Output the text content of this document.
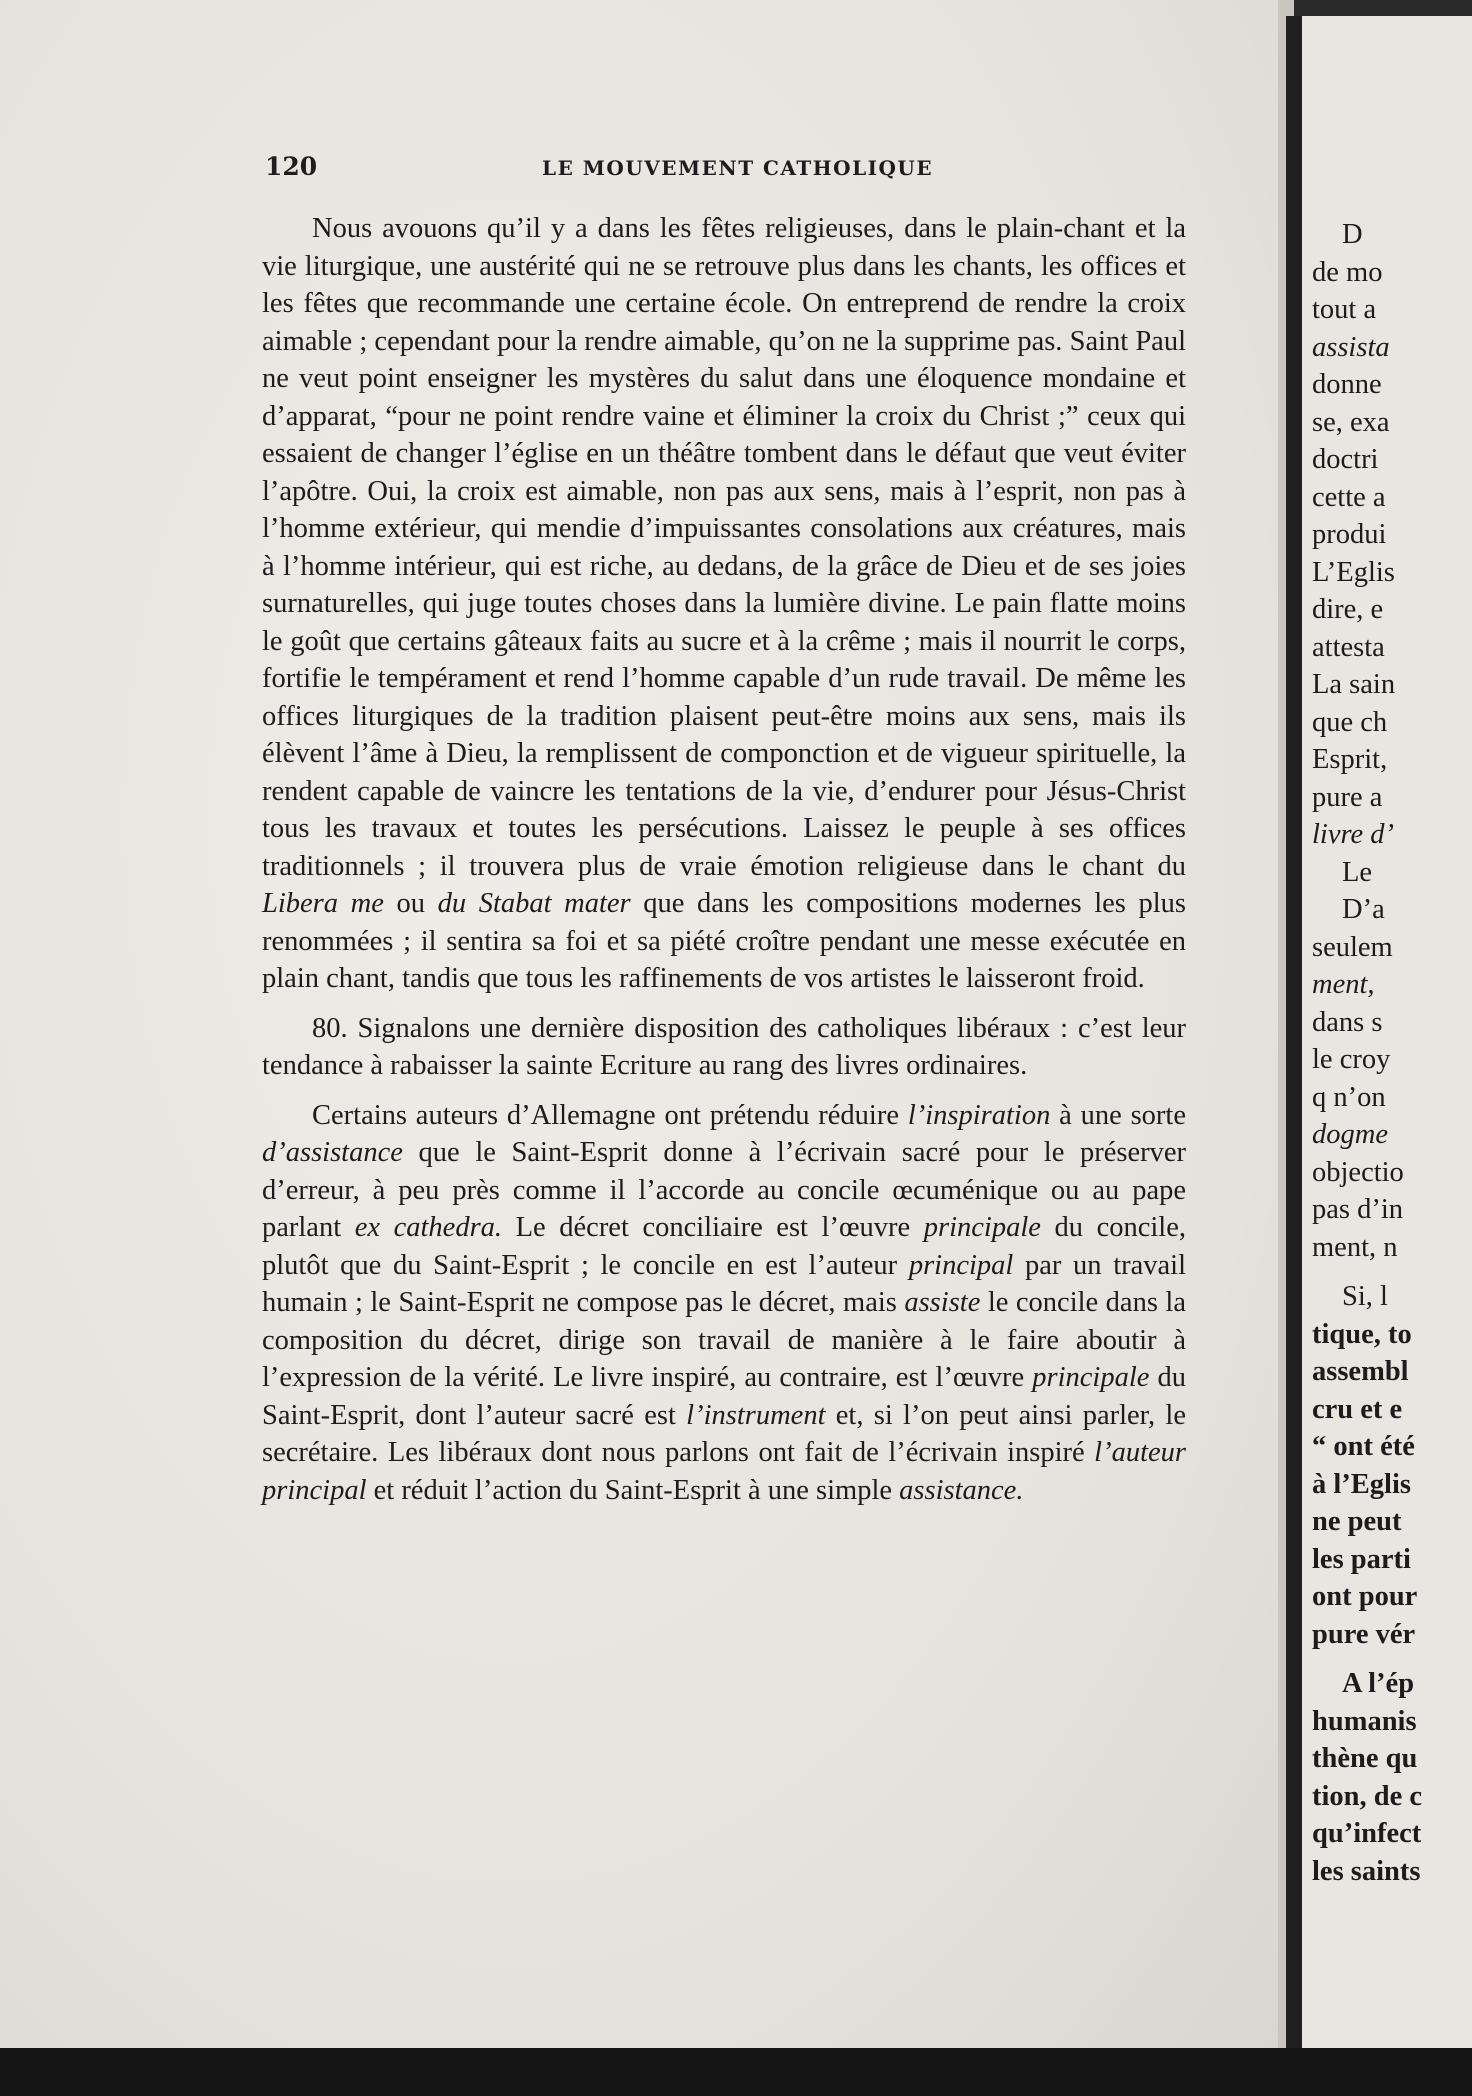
120	LE MOUVEMENT CATHOLIQUE

Nous avouons qu’il y a dans les fêtes religieuses, dans le plain-chant et la vie liturgique, une austérité qui ne se retrouve plus dans les chants, les offices et les fêtes que recommande une certaine école. On entreprend de rendre la croix aimable ; cependant pour la rendre aimable, qu’on ne la supprime pas. Saint Paul ne veut point enseigner les mystères du salut dans une éloquence mondaine et d’apparat, “pour ne point rendre vaine et éliminer la croix du Christ ;” ceux qui essaient de changer l’église en un théâtre tombent dans le défaut que veut éviter l’apôtre. Oui, la croix est aimable, non pas aux sens, mais à l’esprit, non pas à l’homme extérieur, qui mendie d’impuissantes consolations aux créatures, mais à l’homme intérieur, qui est riche, au dedans, de la grâce de Dieu et de ses joies surnaturelles, qui juge toutes choses dans la lumière divine. Le pain flatte moins le goût que certains gâteaux faits au sucre et à la crême ; mais il nourrit le corps, fortifie le tempérament et rend l’homme capable d’un rude travail. De même les offices liturgiques de la tradition plaisent peut-être moins aux sens, mais ils élèvent l’âme à Dieu, la remplissent de componction et de vigueur spirituelle, la rendent capable de vaincre les tentations de la vie, d’endurer pour Jésus-Christ tous les travaux et toutes les persécutions. Laissez le peuple à ses offices traditionnels ; il trouvera plus de vraie émotion religieuse dans le chant du Libera me ou du Stabat mater que dans les compositions modernes les plus renommées ; il sentira sa foi et sa piété croître pendant une messe exécutée en plain chant, tandis que tous les raffinements de vos artistes le laisseront froid.

80. Signalons une dernière disposition des catholiques libéraux : c’est leur tendance à rabaisser la sainte Ecriture au rang des livres ordinaires.

Certains auteurs d’Allemagne ont prétendu réduire l’inspiration à une sorte d’assistance que le Saint-Esprit donne à l’écrivain sacré pour le préserver d’erreur, à peu près comme il l’accorde au concile œcuménique ou au pape parlant ex cathedra. Le décret conciliaire est l’œuvre principale du concile, plutôt que du Saint-Esprit ; le concile en est l’auteur principal par un travail humain ; le Saint-Esprit ne compose pas le décret, mais assiste le concile dans la composition du décret, dirige son travail de manière à le faire aboutir à l’expression de la vérité. Le livre inspiré, au contraire, est l’œuvre principale du Saint-Esprit, dont l’auteur sacré est l’instrument et, si l’on peut ainsi parler, le secrétaire. Les libéraux dont nous parlons ont fait de l’écrivain inspiré l’auteur principal et réduit l’action du Saint-Esprit à une simple assistance.

D
de mo
tout a
assista
donne
se, exa
doctri
cette a
produi
L’Eglis
dire, e
attesta
La sain
que ch
Esprit,
pure a
livre d’
Le
D’a
seulem
ment,
dans s
le croy
q n’on
dogme
objectio
pas d’in
ment, n
Si, l
tique, to
assembl
cru et e
“ ont été
à l’Eglis
ne peut
les parti
ont pour
pure vér
A l’ép
humanis
thène qu
tion, de c
qu’infect
les saints
